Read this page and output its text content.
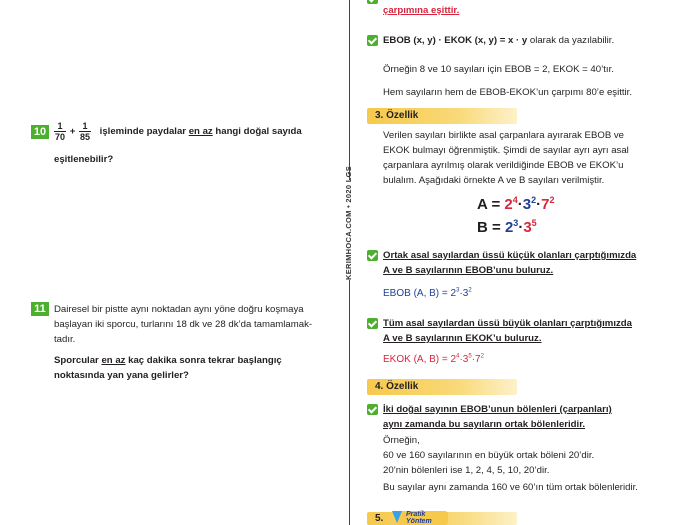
KERIMHOCA.COM • 2020 LGS
$10 \frac{1}{70} + \frac{1}{85}$ işleminde paydalar en az hangi doğal sayıda
eşitlenebilir?
11 Dairesel bir pistte aynı noktadan aynı yöne doğru koşmaya
başlayan iki sporcu, turlarını 18 dk ve 28 dk’da tamamlamak-
tadır.
Sporcular en az kaç dakika sonra tekrar başlangıç
noktasında yan yana gelirler?
çarpımına eşittir.
EBOB (x, y) · EKOK (x, y) = x · y olarak da yazılabilir.
Örneğin 8 ve 10 sayıları için EBOB = 2, EKOK = 40’tır.
Hem sayıların hem de EBOB-EKOK’un çarpımı 80’e eşittir.
3. Özellik
Verilen sayıları birlikte asal çarpanlara ayırarak EBOB ve
EKOK bulmayı öğrenmiştik. Şimdi de sayılar ayrı ayrı asal
çarpanlara ayrılmış olarak verildiğinde EBOB ve EKOK’u
bulalım. Aşağıdaki örnekte A ve B sayıları verilmiştir.
$A = 2^4\cdot 3^2\cdot 7^2$
$B = 2^3\cdot 3^5$
Ortak asal sayılardan üssü küçük olanları çarptığımızda
A ve B sayılarının EBOB’unu buluruz.
EBOB (A, $B) = 2^3\cdot 3^2$
Tüm asal sayılardan üssü büyük olanları çarptığımızda
A ve B sayılarının EKOK’u buluruz.
EKOK (A, $B) = 2^4\cdot 3^5\cdot 7^2$
4. Özellik
İki doğal sayının EBOB’unun bölenleri (çarpanları)
aynı zamanda bu sayıların ortak bölenleridir.
Örneğin,
60 ve 160 sayılarının en büyük ortak böleni 20’dir.
20’nin bölenleri ise 1, 2, 4, 5, 10, 20’dir.
Bu sayılar aynı zamanda 160 ve 60’ın tüm ortak bölenleridir.
5.	Pratik
Yöntem
